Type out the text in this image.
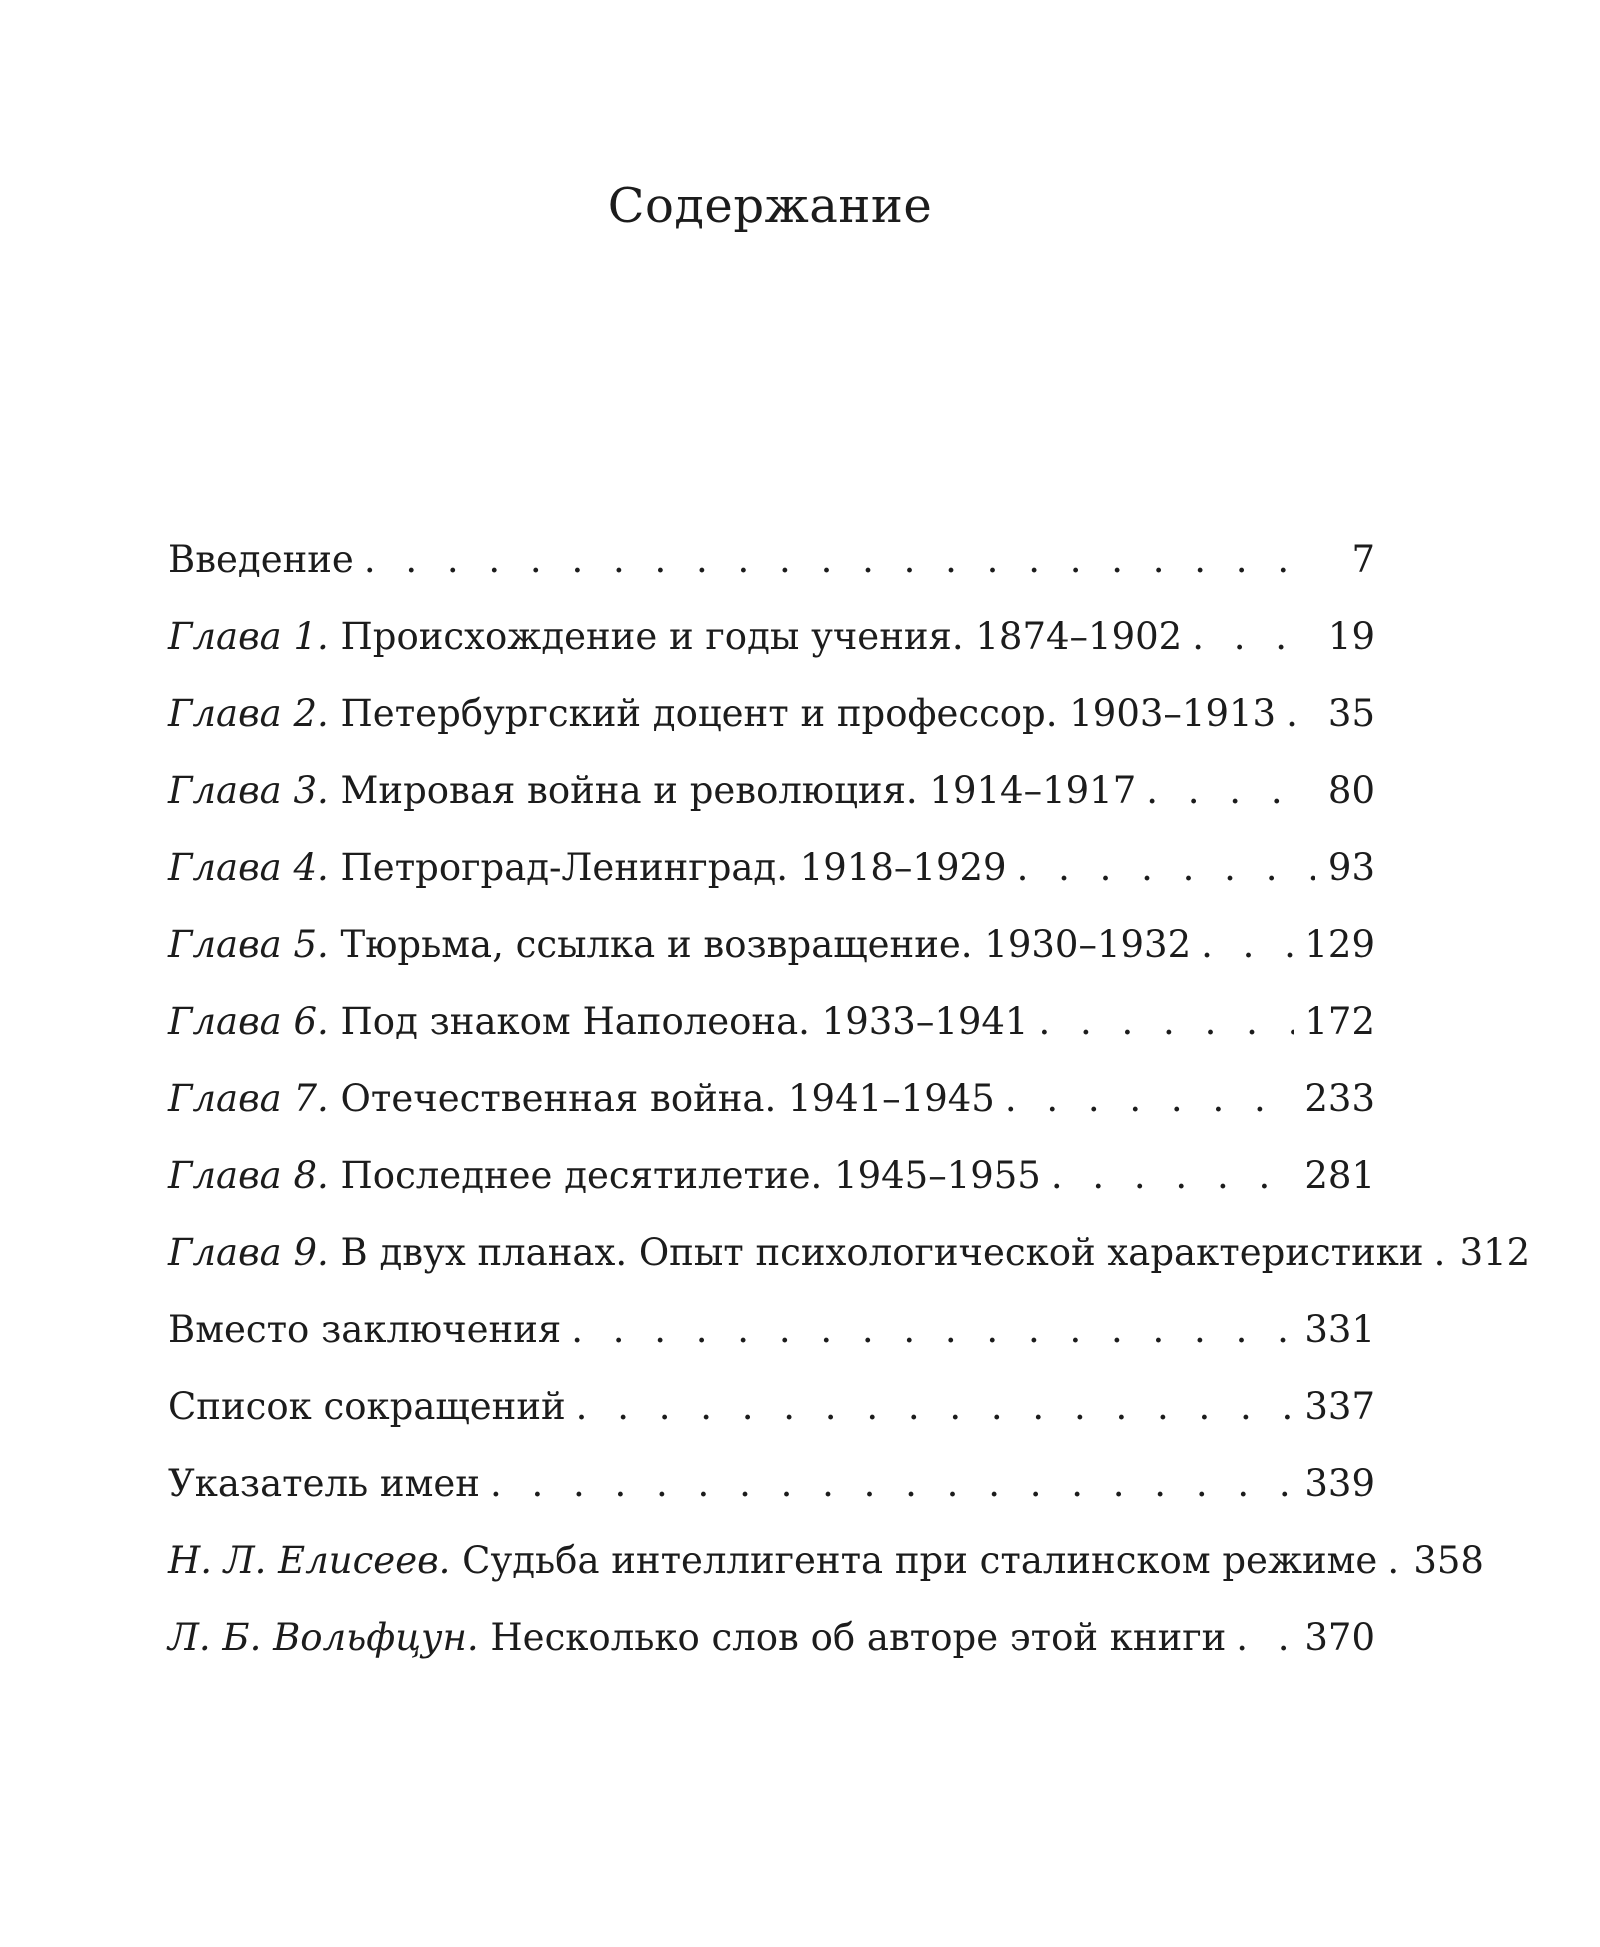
Содержание
Введение . . .	7
Глава 1. Происхождение и годы учения. 1874–1902 . . .	19
Глава 2. Петербургский доцент и профессор. 1903–1913 . . . 35
Глава 3. Мировая война и революция. 1914–1917 . . .	80
Глава 4. Петроград-Ленинград. 1918–1929 . . .	93
Глава 5. Тюрьма, ссылка и возвращение. 1930–1932 . . .	129
Глава 6. Под знаком Наполеона. 1933–1941 . . .	172
Глава 7. Отечественная война. 1941–1945 . . .	233
Глава 8. Последнее десятилетие. 1945–1955 . . .	281
Глава 9. В двух планах. Опыт психологической характеристики . . . 312
Вместо заключения . . .	331
Список сокращений . . .	337
Указатель имен . . .	339
Н. Л. Елисеев. Судьба интеллигента при сталинском режиме . . . 358
Л. Б. Вольфцун. Несколько слов об авторе этой книги . . . 370
